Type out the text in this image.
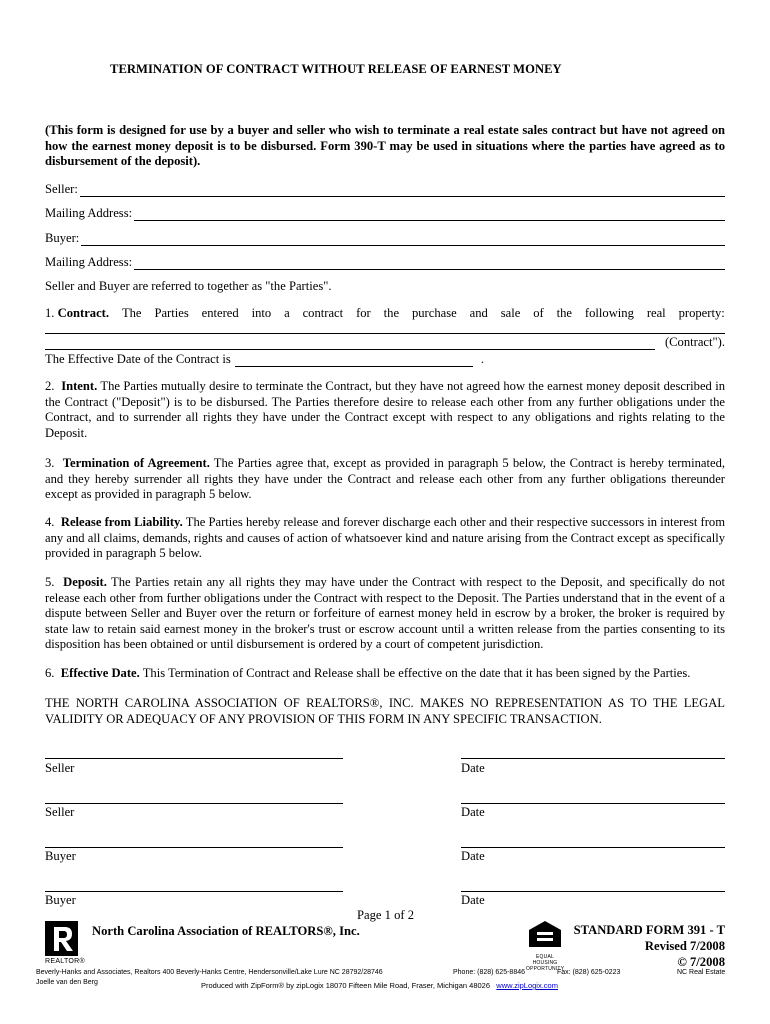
TERMINATION OF CONTRACT WITHOUT RELEASE OF EARNEST MONEY
(This form is designed for use by a buyer and seller who wish to terminate a real estate sales contract but have not agreed on how the earnest money deposit is to be disbursed. Form 390-T may be used in situations where the parties have agreed as to disbursement of the deposit).
Seller:
Mailing Address:
Buyer:
Mailing Address:
Seller and Buyer are referred to together as "the Parties".
1. Contract. The Parties entered into a contract for the purchase and sale of the following real property:
(Contract").
The Effective Date of the Contract is	.
2. Intent. The Parties mutually desire to terminate the Contract, but they have not agreed how the earnest money deposit described in the Contract ("Deposit") is to be disbursed. The Parties therefore desire to release each other from any further obligations under the Contract, and to surrender all rights they have under the Contract except with respect to any obligations and rights relating to the Deposit.
3. Termination of Agreement. The Parties agree that, except as provided in paragraph 5 below, the Contract is hereby terminated, and they hereby surrender all rights they have under the Contract and release each other from any further obligations thereunder except as provided in paragraph 5 below.
4. Release from Liability. The Parties hereby release and forever discharge each other and their respective successors in interest from any and all claims, demands, rights and causes of action of whatsoever kind and nature arising from the Contract except as specifically provided in paragraph 5 below.
5. Deposit. The Parties retain any all rights they may have under the Contract with respect to the Deposit, and specifically do not release each other from further obligations under the Contract with respect to the Deposit. The Parties understand that in the event of a dispute between Seller and Buyer over the return or forfeiture of earnest money held in escrow by a broker, the broker is required by state law to retain said earnest money in the broker's trust or escrow account until a written release from the parties consenting to its disposition has been obtained or until disbursement is ordered by a court of competent jurisdiction.
6. Effective Date. This Termination of Contract and Release shall be effective on the date that it has been signed by the Parties.
THE NORTH CAROLINA ASSOCIATION OF REALTORS®, INC. MAKES NO REPRESENTATION AS TO THE LEGAL VALIDITY OR ADEQUACY OF ANY PROVISION OF THIS FORM IN ANY SPECIFIC TRANSACTION.
Seller	Date
Seller	Date
Buyer	Date
Buyer	Date
Page 1 of 2
REALTOR®
North Carolina Association of REALTORS®, Inc.
EQUAL HOUSING
OPPORTUNITY
STANDARD FORM 391 - T
Revised 7/2008
© 7/2008
Beverly-Hanks and Associates, Realtors 400 Beverly-Hanks Centre, Hendersonville/Lake Lure NC 28792/28746	Phone: (828) 625-8846	Fax: (828) 625-0223	NC Real Estate
Joelle van den Berg	Produced with ZipForm® by zipLogix 18070 Fifteen Mile Road, Fraser, Michigan 48026 www.zipLogix.com
